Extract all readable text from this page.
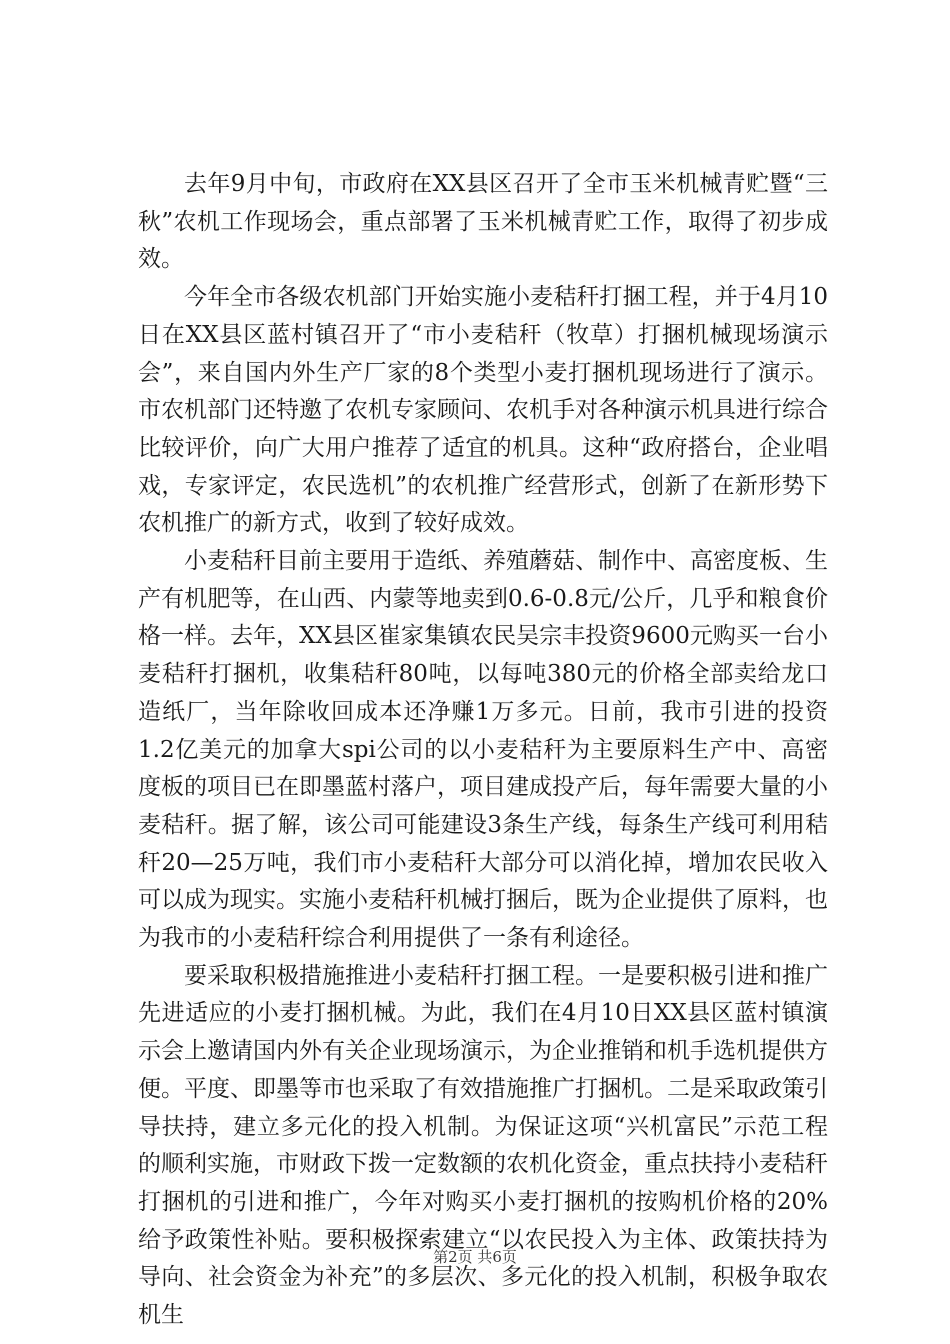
去年9月中旬，市政府在XX县区召开了全市玉米机械青贮暨“三秋”农机工作现场会，重点部署了玉米机械青贮工作，取得了初步成效。

今年全市各级农机部门开始实施小麦秸秆打捆工程，并于4月10日在XX县区蓝村镇召开了“市小麦秸秆（牧草）打捆机械现场演示会”，来自国内外生产厂家的8个类型小麦打捆机现场进行了演示。市农机部门还特邀了农机专家顾问、农机手对各种演示机具进行综合比较评价，向广大用户推荐了适宜的机具。这种“政府搭台，企业唱戏，专家评定，农民选机”的农机推广经营形式，创新了在新形势下农机推广的新方式，收到了较好成效。

小麦秸秆目前主要用于造纸、养殖蘑菇、制作中、高密度板、生产有机肥等，在山西、内蒙等地卖到0.6-0.8元/公斤，几乎和粮食价格一样。去年，XX县区崔家集镇农民吴宗丰投资9600元购买一台小麦秸秆打捆机，收集秸秆80吨，以每吨380元的价格全部卖给龙口造纸厂，当年除收回成本还净赚1万多元。日前，我市引进的投资1.2亿美元的加拿大spi公司的以小麦秸秆为主要原料生产中、高密度板的项目已在即墨蓝村落户，项目建成投产后，每年需要大量的小麦秸秆。据了解，该公司可能建设3条生产线，每条生产线可利用秸秆20—25万吨，我们市小麦秸秆大部分可以消化掉，增加农民收入可以成为现实。实施小麦秸秆机械打捆后，既为企业提供了原料，也为我市的小麦秸秆综合利用提供了一条有利途径。

要采取积极措施推进小麦秸秆打捆工程。一是要积极引进和推广先进适应的小麦打捆机械。为此，我们在4月10日XX县区蓝村镇演示会上邀请国内外有关企业现场演示，为企业推销和机手选机提供方便。平度、即墨等市也采取了有效措施推广打捆机。二是采取政策引导扶持，建立多元化的投入机制。为保证这项“兴机富民”示范工程的顺利实施，市财政下拨一定数额的农机化资金，重点扶持小麦秸秆打捆机的引进和推广，今年对购买小麦打捆机的按购机价格的20%给予政策性补贴。要积极探索建立“以农民投入为主体、政策扶持为导向、社会资金为补充”的多层次、多元化的投入机制，积极争取农机生

第2页 共6页
